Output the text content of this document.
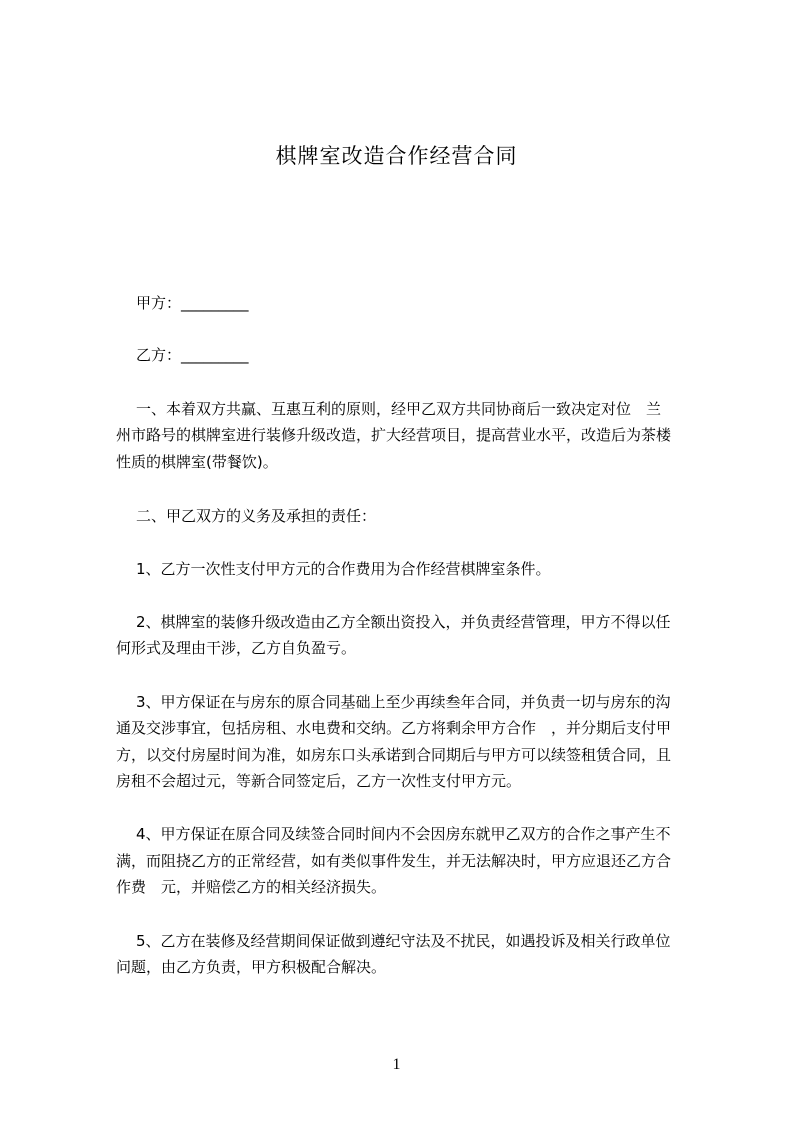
棋牌室改造合作经营合同
甲方：_________
乙方：_________
一、本着双方共赢、互惠互利的原则，经甲乙双方共同协商后一致决定对位　兰
州市路号的棋牌室进行装修升级改造，扩大经营项目，提高营业水平，改造后为茶楼
性质的棋牌室(带餐饮)。
二、甲乙双方的义务及承担的责任：
1、乙方一次性支付甲方元的合作费用为合作经营棋牌室条件。
2、棋牌室的装修升级改造由乙方全额出资投入，并负责经营管理，甲方不得以任
何形式及理由干涉，乙方自负盈亏。
3、甲方保证在与房东的原合同基础上至少再续叁年合同，并负责一切与房东的沟
通及交涉事宜，包括房租、水电费和交纳。乙方将剩余甲方合作　，并分期后支付甲
方，以交付房屋时间为准，如房东口头承诺到合同期后与甲方可以续签租赁合同，且
房租不会超过元，等新合同签定后，乙方一次性支付甲方元。
4、甲方保证在原合同及续签合同时间内不会因房东就甲乙双方的合作之事产生不
满，而阻挠乙方的正常经营，如有类似事件发生，并无法解决时，甲方应退还乙方合
作费　元，并赔偿乙方的相关经济损失。
5、乙方在装修及经营期间保证做到遵纪守法及不扰民，如遇投诉及相关行政单位
问题，由乙方负责，甲方积极配合解决。
1
